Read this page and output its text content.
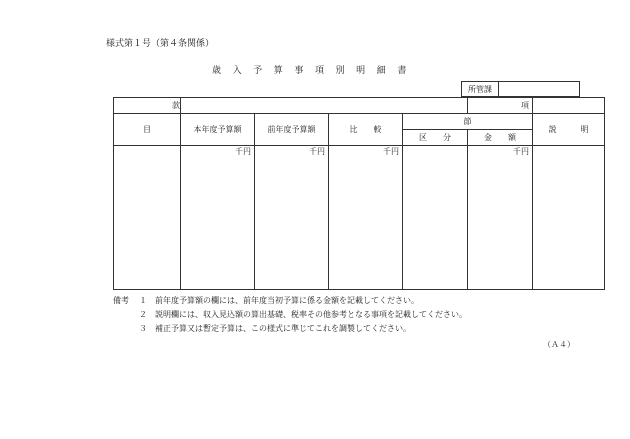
様式第１号（第４条関係）
歳入予算事項別明細書
所管課	
款					項	
目	本年度予算額	前年度予算額	比　　較	節		説　　　明
				区　　分	金　　額	
	千円	千円	千円		千円	
備考 １ 前年度予算額の欄には、前年度当初予算に係る金額を記載してください。
２ 説明欄には、収入見込額の算出基礎、税率その他参考となる事項を記載してください。
３ 補正予算又は暫定予算は、この様式に準じてこれを調製してください。
（Ａ４）
